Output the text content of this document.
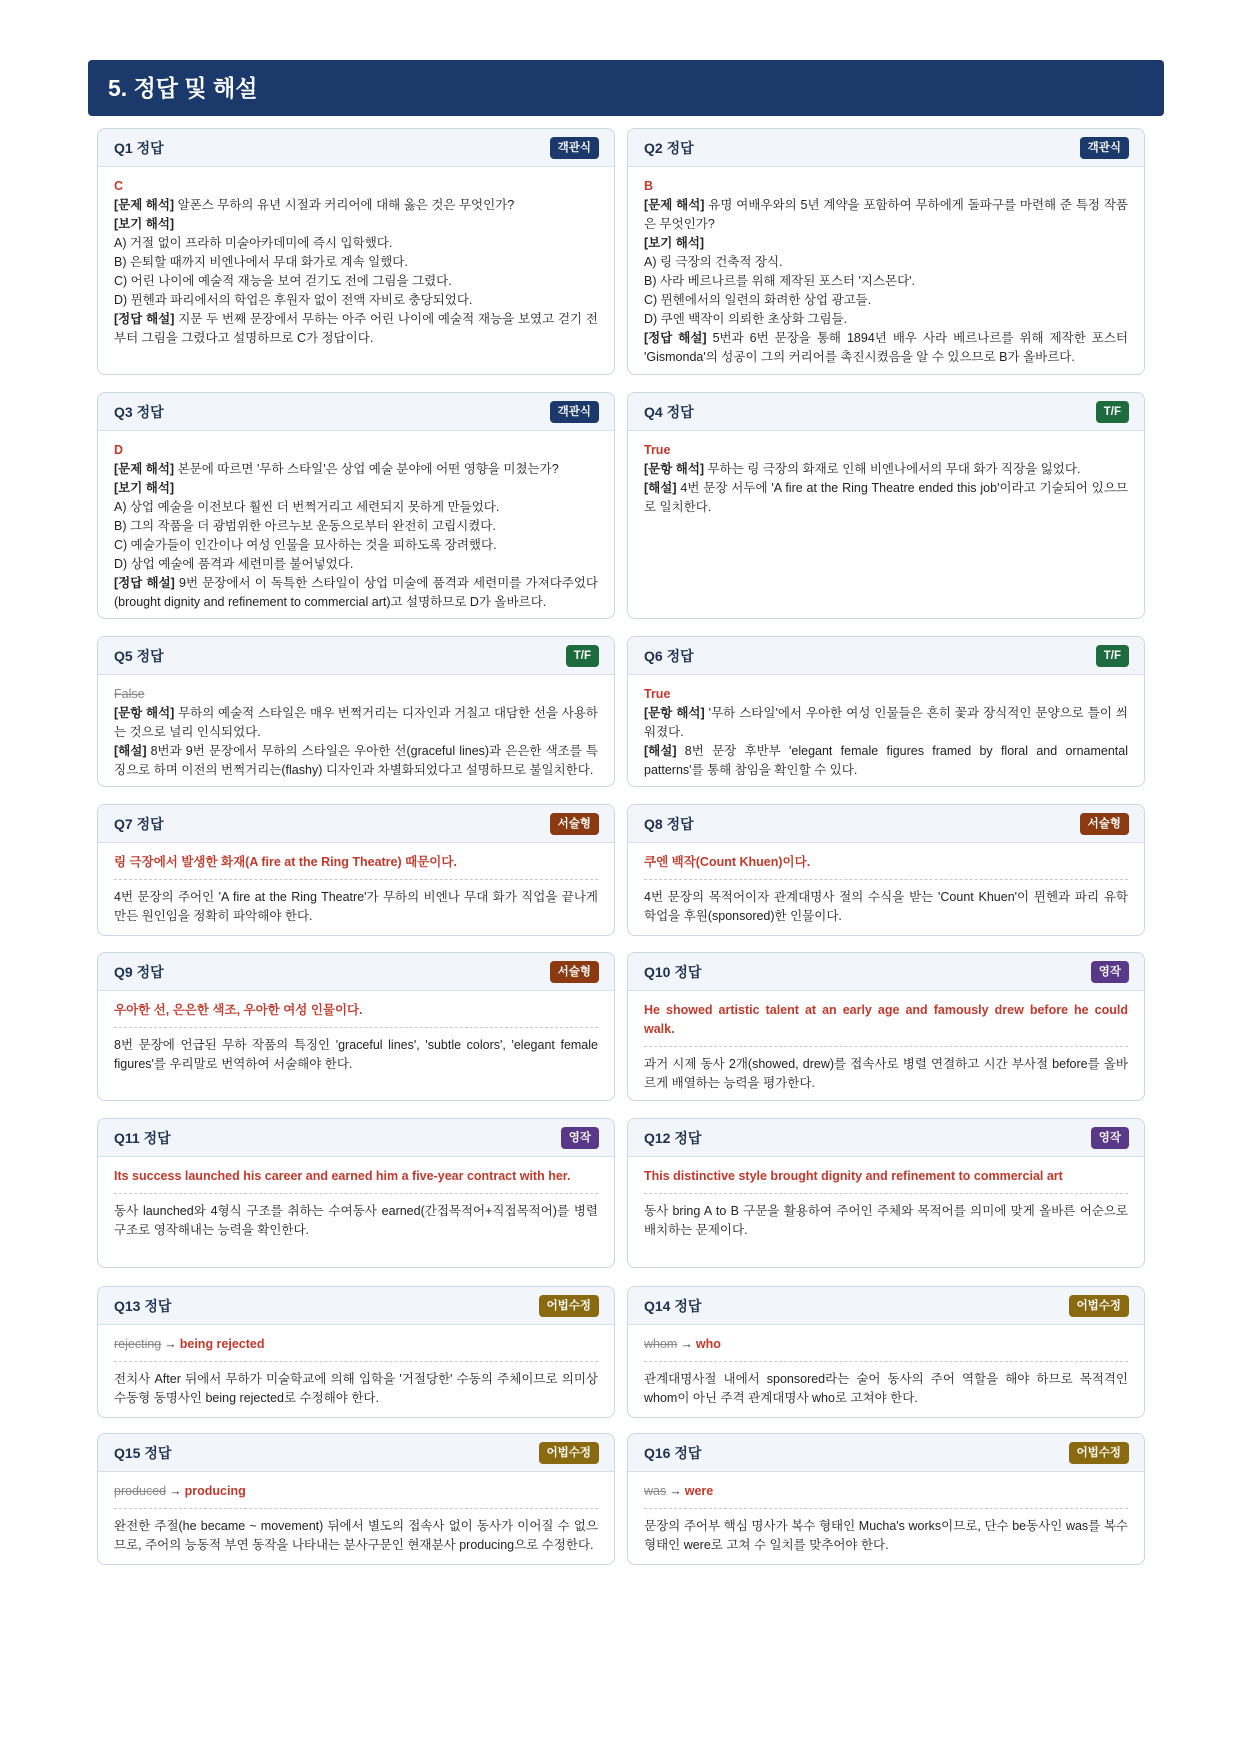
5. 정답 및 해설
Q1 정답	객관식
C
[문제 해석] 알폰스 무하의 유년 시절과 커리어에 대해 옳은 것은 무엇인가?
[보기 해석]
A) 거절 없이 프라하 미술아카데미에 즉시 입학했다.
B) 은퇴할 때까지 비엔나에서 무대 화가로 계속 일했다.
C) 어린 나이에 예술적 재능을 보여 걷기도 전에 그림을 그렸다.
D) 뮌헨과 파리에서의 학업은 후원자 없이 전액 자비로 충당되었다.
[정답 해설] 지문 두 번째 문장에서 무하는 아주 어린 나이에 예술적 재능을 보였고 걷기 전부터 그림을 그렸다고 설명하므로 C가 정답이다.
Q2 정답	객관식
B
[문제 해석] 유명 여배우와의 5년 계약을 포함하여 무하에게 돌파구를 마련해 준 특정 작품은 무엇인가?
[보기 해석]
A) 링 극장의 건축적 장식.
B) 사라 베르나르를 위해 제작된 포스터 '지스몬다'.
C) 뮌헨에서의 일련의 화려한 상업 광고들.
D) 쿠엔 백작이 의뢰한 초상화 그림들.
[정답 해설] 5번과 6번 문장을 통해 1894년 배우 사라 베르나르를 위해 제작한 포스터 'Gismonda'의 성공이 그의 커리어를 촉진시켰음을 알 수 있으므로 B가 올바르다.
Q3 정답	객관식
D
[문제 해석] 본문에 따르면 '무하 스타일'은 상업 예술 분야에 어떤 영향을 미쳤는가?
[보기 해석]
A) 상업 예술을 이전보다 훨씬 더 번쩍거리고 세련되지 못하게 만들었다.
B) 그의 작품을 더 광범위한 아르누보 운동으로부터 완전히 고립시켰다.
C) 예술가들이 인간이나 여성 인물을 묘사하는 것을 피하도록 장려했다.
D) 상업 예술에 품격과 세련미를 불어넣었다.
[정답 해설] 9번 문장에서 이 독특한 스타일이 상업 미술에 품격과 세련미를 가져다주었다(brought dignity and refinement to commercial art)고 설명하므로 D가 올바르다.
Q4 정답	T/F
True
[문항 해석] 무하는 링 극장의 화재로 인해 비엔나에서의 무대 화가 직장을 잃었다.
[해설] 4번 문장 서두에 'A fire at the Ring Theatre ended this job'이라고 기술되어 있으므로 일치한다.
Q5 정답	T/F
False
[문항 해석] 무하의 예술적 스타일은 매우 번쩍거리는 디자인과 거칠고 대담한 선을 사용하는 것으로 널리 인식되었다.
[해설] 8번과 9번 문장에서 무하의 스타일은 우아한 선(graceful lines)과 은은한 색조를 특징으로 하며 이전의 번쩍거리는(flashy) 디자인과 차별화되었다고 설명하므로 불일치한다.
Q6 정답	T/F
True
[문항 해석] '무하 스타일'에서 우아한 여성 인물들은 흔히 꽃과 장식적인 문양으로 틀이 씌워졌다.
[해설] 8번 문장 후반부 'elegant female figures framed by floral and ornamental patterns'를 통해 참임을 확인할 수 있다.
Q7 정답	서술형
링 극장에서 발생한 화재(A fire at the Ring Theatre) 때문이다.
4번 문장의 주어인 'A fire at the Ring Theatre'가 무하의 비엔나 무대 화가 직업을 끝나게 만든 원인임을 정확히 파악해야 한다.
Q8 정답	서술형
쿠엔 백작(Count Khuen)이다.
4번 문장의 목적어이자 관계대명사 절의 수식을 받는 'Count Khuen'이 뮌헨과 파리 유학 학업을 후원(sponsored)한 인물이다.
Q9 정답	서술형
우아한 선, 은은한 색조, 우아한 여성 인물이다.
8번 문장에 언급된 무하 작품의 특징인 'graceful lines', 'subtle colors', 'elegant female figures'를 우리말로 번역하여 서술해야 한다.
Q10 정답	영작
He showed artistic talent at an early age and famously drew before he could walk.
과거 시제 동사 2개(showed, drew)를 접속사로 병렬 연결하고 시간 부사절 before를 올바르게 배열하는 능력을 평가한다.
Q11 정답	영작
Its success launched his career and earned him a five-year contract with her.
동사 launched와 4형식 구조를 취하는 수여동사 earned(간접목적어+직접목적어)를 병렬 구조로 영작해내는 능력을 확인한다.
Q12 정답	영작
This distinctive style brought dignity and refinement to commercial art
동사 bring A to B 구문을 활용하여 주어인 주체와 목적어를 의미에 맞게 올바른 어순으로 배치하는 문제이다.
Q13 정답	어법수정
rejecting → being rejected
전치사 After 뒤에서 무하가 미술학교에 의해 입학을 '거절당한' 수동의 주체이므로 의미상 수동형 동명사인 being rejected로 수정해야 한다.
Q14 정답	어법수정
whom → who
관계대명사절 내에서 sponsored라는 술어 동사의 주어 역할을 해야 하므로 목적격인 whom이 아닌 주격 관계대명사 who로 고쳐야 한다.
Q15 정답	어법수정
produced → producing
완전한 주절(he became ~ movement) 뒤에서 별도의 접속사 없이 동사가 이어질 수 없으므로, 주어의 능동적 부연 동작을 나타내는 분사구문인 현재분사 producing으로 수정한다.
Q16 정답	어법수정
was → were
문장의 주어부 핵심 명사가 복수 형태인 Mucha's works이므로, 단수 be동사인 was를 복수 형태인 were로 고쳐 수 일치를 맞추어야 한다.
